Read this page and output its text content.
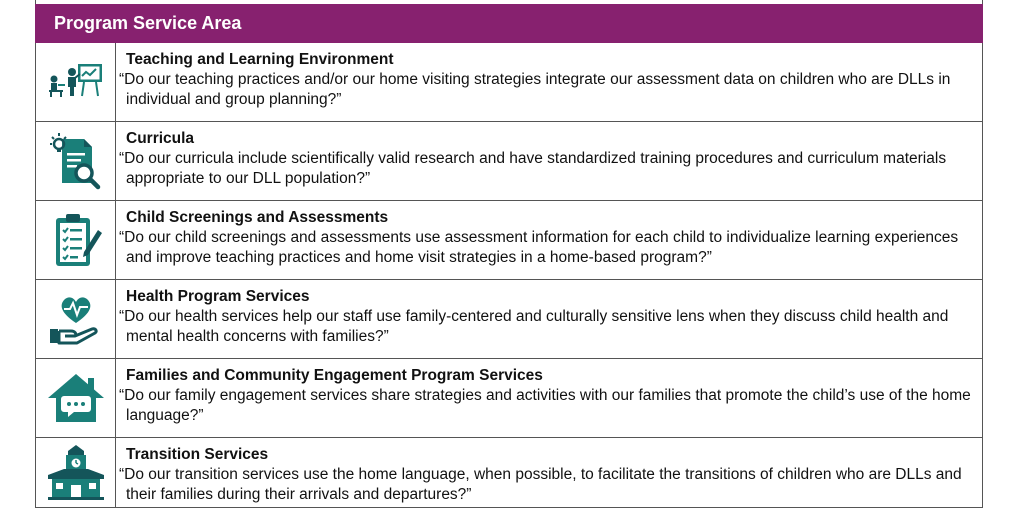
Program Service Area
Teaching and Learning Environment
“Do our teaching practices and/or our home visiting strategies integrate our assessment data on children who are DLLs in individual and group planning?”
Curricula
“Do our curricula include scientifically valid research and have standardized training procedures and curriculum materials appropriate to our DLL population?”
Child Screenings and Assessments
“Do our child screenings and assessments use assessment information for each child to individualize learning experiences and improve teaching practices and home visit strategies in a home-based program?”
Health Program Services
“Do our health services help our staff use family-centered and culturally sensitive lens when they discuss child health and mental health concerns with families?”
Families and Community Engagement Program Services
“Do our family engagement services share strategies and activities with our families that promote the child’s use of the home language?”
Transition Services
“Do our transition services use the home language, when possible, to facilitate the transitions of children who are DLLs and their families during their arrivals and departures?”
